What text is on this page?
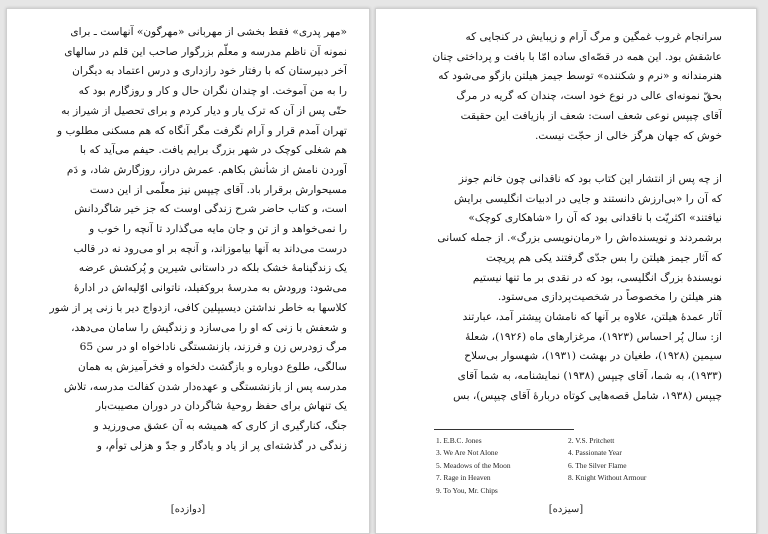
«مهر پدری» فقط بخشی از مهربانی «مهرگون» آنهاست ـ برای
نمونه آن ناظم مدرسه و معلّم بزرگوار صاحب این قلم در سالهای
آخر دبیرستان که با رفتار خود رازداری و درس اعتماد به دیگران
را به من آموخت. او چندان نگران حال و کار و روزگارم بود که
حتّی پس از آن که ترک یار و دیار کردم و برای تحصیل از شیراز به
تهران آمدم قرار و آرام نگرفت مگر آنگاه که هم مسکنی مطلوب و
هم شغلی کوچک در شهر بزرگ برایم یافت. حیفم می‌آید که با
آوردن نامش از شأنش بکاهم. عمرش دراز، روزگارش شاد، و دَم
مسیحوارش برقرار باد. آقای چیپس نیز معلّمی از این دست
است، و کتاب حاضر شرح زندگی اوست که جز خیر شاگردانش
را نمی‌خواهد و از تن و جان مایه می‌گذارد تا آنچه را خوب و
درست می‌داند به آنها بیاموزاند، و آنچه بر او می‌رود نه در قالب
یک زندگینامهٔ خشک بلکه در داستانی شیرین و پُرکشش عرضه
می‌شود: ورودش به مدرسهٔ بروکفیلد، ناتوانی اوّلیه‌اش در ادارهٔ
کلاسها به خاطر نداشتن دیسیپلین کافی، ازدواج دیر با زنی پر از شور
و شعفش با زنی که او را می‌سازد و زندگیش را سامان می‌دهد،
مرگ زودرس زن و فرزند، بازنشستگی ناداخواه او در سن 65
سالگی، طلوع دوباره و بازگشت دلخواه و فخرآمیزش به همان
مدرسه پس از بازنشستگی و عهده‌دار شدن کفالت مدرسه، تلاش
یک تنهاش برای حفظ روحیهٔ شاگردان در دوران مصیبت‌بار
جنگ، کنارگیری از کاری که همیشه به آن عشق می‌ورزید و
زندگی در گذشته‌ای پر از یاد و یادگار و جدّ و هزلی توأم، و
[دوازده]
سرانجام غروب غمگین و مرگ آرام و زیبایش در کنجایی که
عاشقش بود. این همه در قصّه‌ای ساده امّا با بافت و پرداختی چنان
هنرمندانه و «نرم و شکننده» توسط جیمز هیلتن بازگو می‌شود که
بحقّ نمونه‌ای عالی در نوع خود است، چندان که گریه در مرگ
آقای چیپس نوعی شعف است: شعف از بازیافت این حقیقت
خوش که جهان هرگز خالی از حجّت نیست.
از چه پس از انتشار این کتاب بود که ناقدانی چون خانم جونز
که آن را «بی‌ارزش دانستند و جایی در ادبیات انگلیسی برایش
نیافتند» اکثریّت با ناقدانی بود که آن را «شاهکاری کوچک»
برشمردند و نویسنده‌اش را «رمان‌نویسی بزرگ». از جمله کسانی
که آثار جیمز هیلتن را بس جدّی گرفتند یکی هم پریچت
نویسندهٔ بزرگ انگلیسی، بود که در نقدی بر ما تنها نیستیم
هنر هیلتن را مخصوصاً در شخصیت‌پردازی می‌ستود.
آثار عمدهٔ هیلتن، علاوه بر آنها که نامشان پیشتر آمد، عبارتند
از: سال پُر احساس (۱۹۲۳)، مرغزارهای ماه (۱۹۲۶)، شعلهٔ
سیمین (۱۹۲۸)، طغیان در بهشت (۱۹۳۱)، شهسوار بی‌سلاح
(۱۹۳۳)، به شما، آقای چیپس (۱۹۳۸) نمایشنامه، به شما آقای
چیپس (۱۹۳۸، شامل قصه‌هایی کوتاه دربارهٔ آقای چیپس)، بس
1. E.B.C. Jones	2. V.S. Pritchett
3. We Are Not Alone	4. Passionate Year
5. Meadows of the Moon	6. The Silver Flame
7. Rage in Heaven	8. Knight Without Armour
9. To You, Mr. Chips
[سیزده]
